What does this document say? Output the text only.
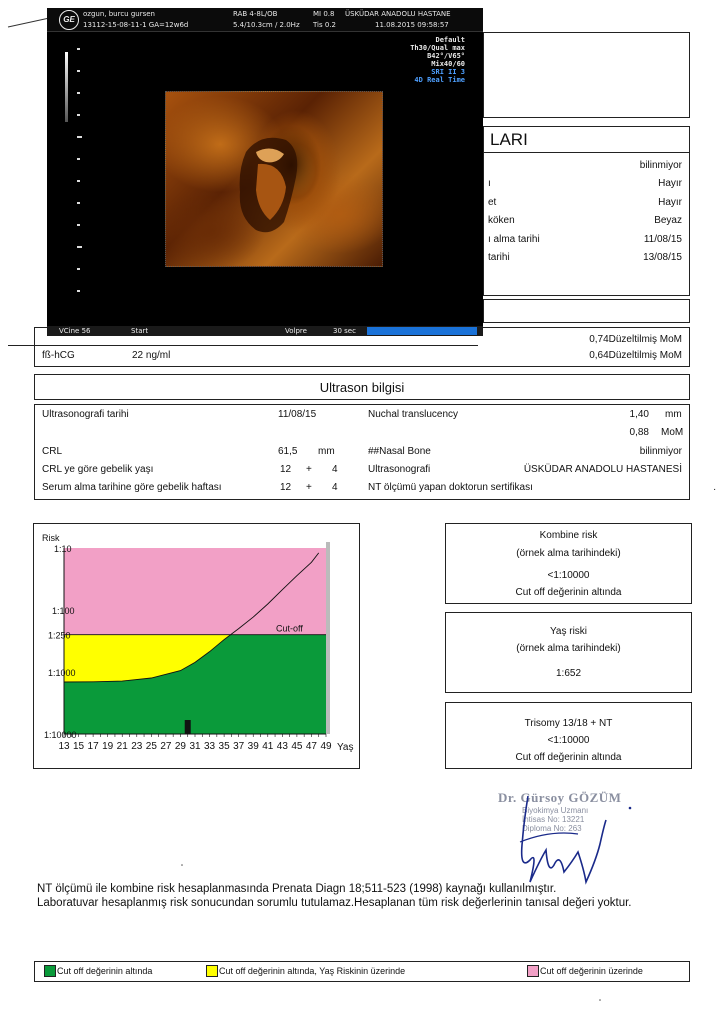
LARI
bilinmiyor
ı	Hayır
et	Hayır
köken	Beyaz
ı alma tarihi	11/08/15
tarihi	13/08/15
0,74Düzeltilmiş MoM
fß-hCG	22 ng/ml	0,64Düzeltilmiş MoM
GE
ozgun, burcu gursen
13112-15-08-11-1 GA=12w6d
RAB 4-8L/OB
5.4/10.3cm / 2.0Hz
MI 0.8
Tis 0.2
ÜSKÜDAR ANADOLU HASTANE
11.08.2015 09:58:57
Default
Th30/Qual max
B42°/V65°
Mix40/60
SRI II 3
4D Real Time
VCine 56	Start	Volpre	30 sec
Ultrason bilgisi
Ultrasonografi tarihi	11/08/15	Nuchal translucency	1,40 mm
0,88 MoM
CRL	61,5 mm	##Nasal Bone	bilinmiyor
CRL ye göre gebelik yaşı	12 + 4	Ultrasonografi	ÜSKÜDAR ANADOLU HASTANESİ
Serum alma tarihine göre gebelik haftası	12 + 4	NT ölçümü yapan doktorun sertifikası	.
13 15 17 19 21 23 25 27 29 31 33 35 37 39 41 43 45 47 49
1:10
1:100
1:250
1:1000
1:10000
Risk
Yaş
Cut-off
Kombine risk
(örnek alma tarihindeki)
<1:10000
Cut off değerinin altında
Yaş riski
(örnek alma tarihindeki)
1:652
Trisomy 13/18 + NT
<1:10000
Cut off değerinin altında
Dr. Gürsoy GÖZÜM
Biyokimya Uzmanı
İhtisas No: 13221
Diploma No: 263
NT ölçümü ile kombine risk hesaplanmasında Prenata Diagn 18;511-523 (1998) kaynağı kullanılmıştır.
Laboratuvar hesaplanmış risk sonucundan sorumlu tutulamaz.Hesaplanan tüm risk değerlerinin tanısal değeri yoktur.
Cut off değerinin altında	Cut off değerinin altında, Yaş Riskinin üzerinde	Cut off değerinin üzerinde
